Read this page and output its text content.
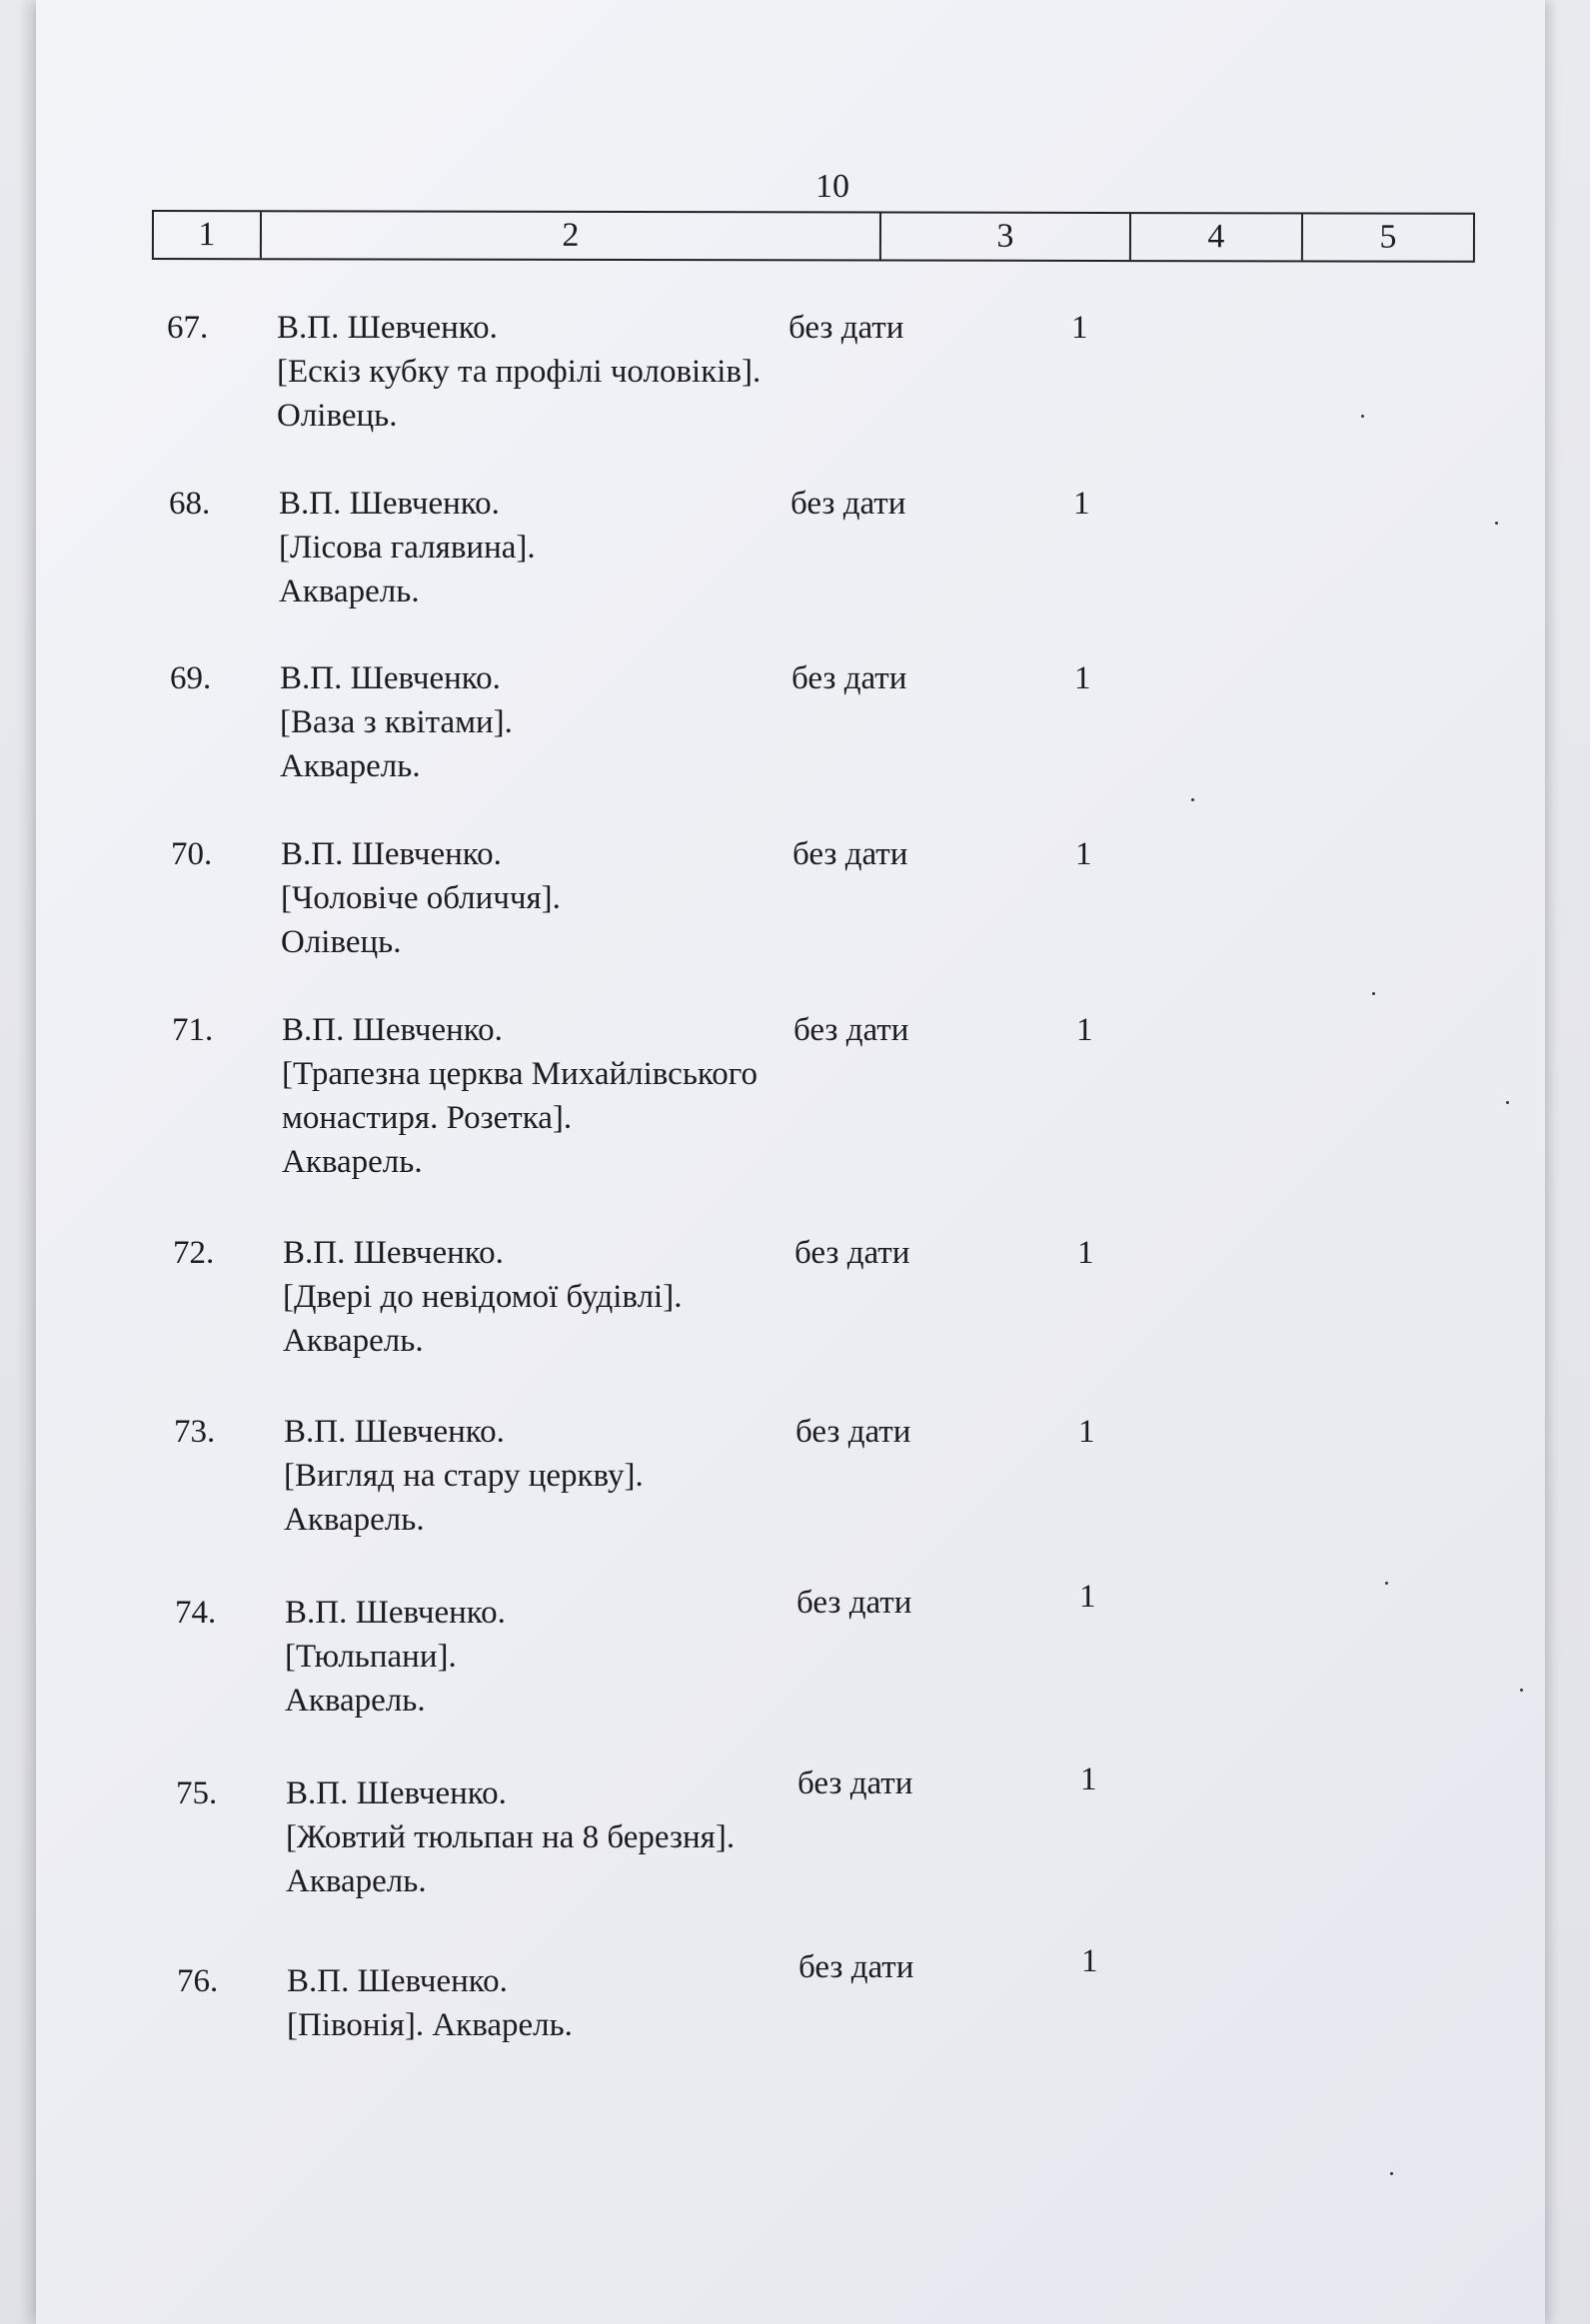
10
1	2	3	4	5
67. В.П. Шевченко.
[Ескіз кубку та профілі чоловіків].
Олівець.
без дати	1
68. В.П. Шевченко.
[Лісова галявина].
Акварель.
без дати	1
69. В.П. Шевченко.
[Ваза з квітами].
Акварель.
без дати	1
70. В.П. Шевченко.
[Чоловіче обличчя].
Олівець.
без дати	1
71. В.П. Шевченко.
[Трапезна церква Михайлівського
монастиря. Розетка].
Акварель.
без дати	1
72. В.П. Шевченко.
[Двері до невідомої будівлі].
Акварель.
без дати	1
73. В.П. Шевченко.
[Вигляд на стару церкву].
Акварель.
без дати	1
74. В.П. Шевченко.
[Тюльпани].
Акварель.
без дати	1
75. В.П. Шевченко.
[Жовтий тюльпан на 8 березня].
Акварель.
без дати	1
76. В.П. Шевченко.
[Півонія]. Акварель.
без дати	1
